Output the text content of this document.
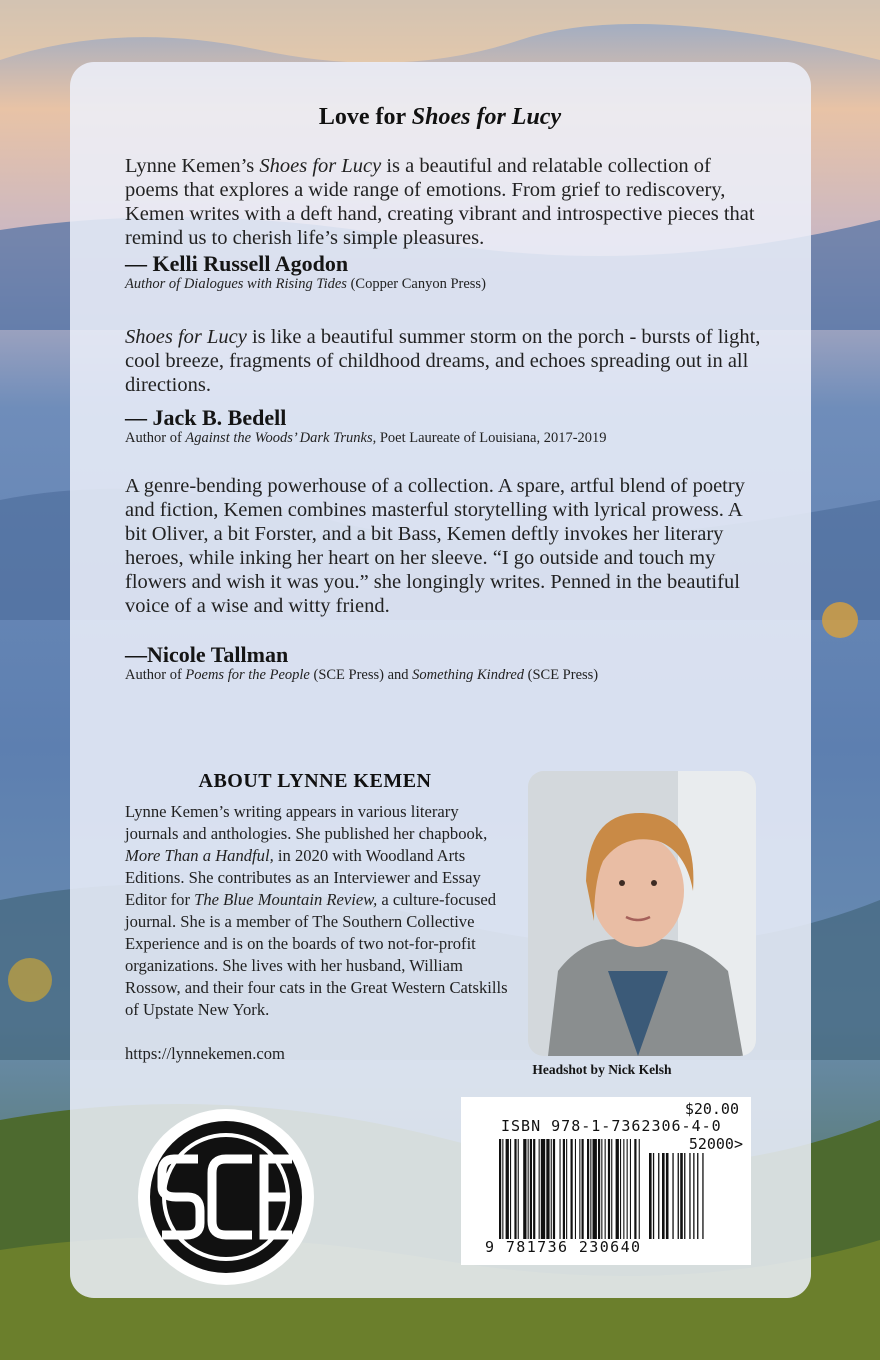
Love for Shoes for Lucy
Lynne Kemen’s Shoes for Lucy is a beautiful and relatable collection of poems that explores a wide range of emotions. From grief to rediscovery, Kemen writes with a deft hand, creating vibrant and introspective pieces that remind us to cherish life’s simple pleasures.
— Kelli Russell Agodon
Author of Dialogues with Rising Tides (Copper Canyon Press)
Shoes for Lucy is like a beautiful summer storm on the porch - bursts of light, cool breeze, fragments of childhood dreams, and echoes spreading out in all directions.
— Jack B. Bedell
Author of Against the Woods’ Dark Trunks, Poet Laureate of Louisiana, 2017-2019
A genre-bending powerhouse of a collection. A spare, artful blend of poetry and fiction, Kemen combines masterful storytelling with lyrical prowess. A bit Oliver, a bit Forster, and a bit Bass, Kemen deftly invokes her literary heroes, while inking her heart on her sleeve. “I go outside and touch my flowers and wish it was you.” she longingly writes. Penned in the beautiful voice of a wise and witty friend.
—Nicole Tallman
Author of Poems for the People (SCE Press) and Something Kindred (SCE Press)
ABOUT LYNNE KEMEN
Lynne Kemen’s writing appears in various literary journals and anthologies. She published her chapbook, More Than a Handful, in 2020 with Woodland Arts Editions. She contributes as an Interviewer and Essay Editor for The Blue Mountain Review, a culture-focused journal. She is a member of The Southern Collective Experience and is on the boards of two not-for-profit organizations. She lives with her husband, William Rossow, and their four cats in the Great Western Catskills of Upstate New York.
https://lynnekemen.com
Headshot by Nick Kelsh
$20.00
ISBN 978-1-7362306-4-0
52000>
9 781736 230640
